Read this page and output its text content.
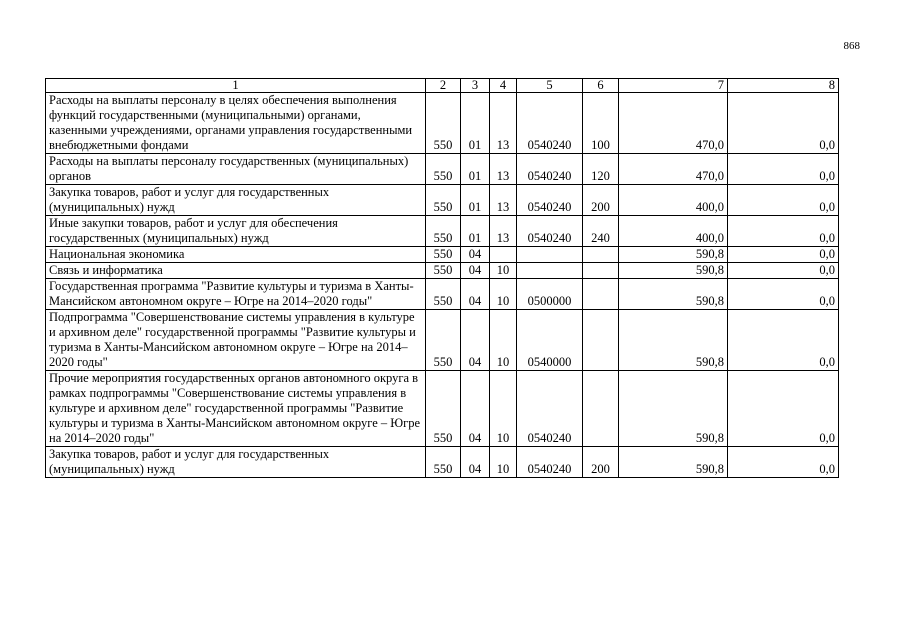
868
1	2	3	4	5	6	7	8
Расходы на выплаты персоналу в целях обеспечения выполнения функций государственными (муниципальными) органами, казенными учреждениями, органами управления государственными внебюджетными фондами	550	01	13	0540240	100	470,0	0,0
Расходы на выплаты персоналу государственных (муниципальных) органов	550	01	13	0540240	120	470,0	0,0
Закупка товаров, работ и услуг для государственных (муниципальных) нужд	550	01	13	0540240	200	400,0	0,0
Иные закупки товаров, работ и услуг для обеспечения государственных (муниципальных) нужд	550	01	13	0540240	240	400,0	0,0
Национальная экономика	550	04				590,8	0,0
Связь и информатика	550	04	10			590,8	0,0
Государственная программа "Развитие культуры и туризма в Ханты-Мансийском автономном округе – Югре на 2014–2020 годы"	550	04	10	0500000		590,8	0,0
Подпрограмма "Совершенствование системы управления в культуре и архивном деле" государственной программы "Развитие культуры и туризма в Ханты-Мансийском автономном округе – Югре на 2014–2020 годы"	550	04	10	0540000		590,8	0,0
Прочие мероприятия государственных органов автономного округа в рамках подпрограммы "Совершенствование системы управления в культуре и архивном деле" государственной программы "Развитие культуры и туризма в Ханты-Мансийском автономном округе – Югре на 2014–2020 годы"	550	04	10	0540240		590,8	0,0
Закупка товаров, работ и услуг для государственных (муниципальных) нужд	550	04	10	0540240	200	590,8	0,0
